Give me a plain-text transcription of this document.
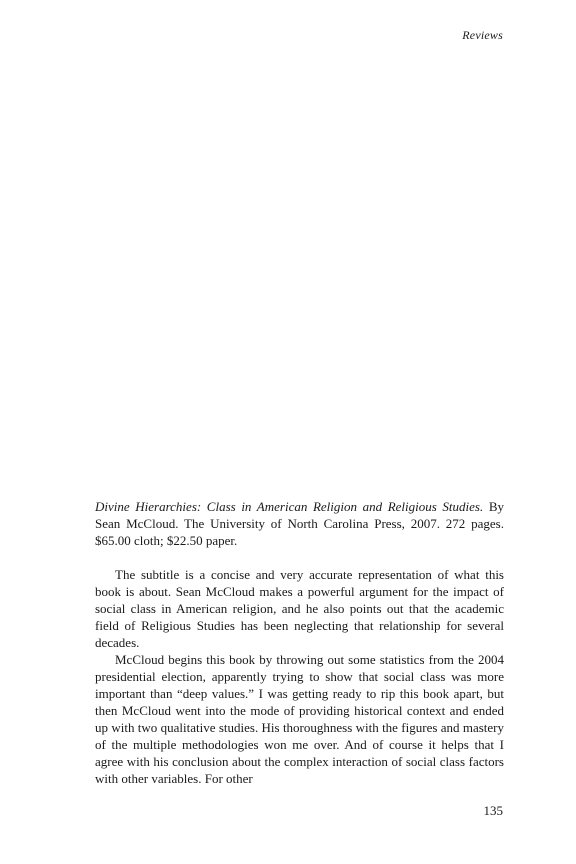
Reviews

Divine Hierarchies: Class in American Religion and Religious Studies. By Sean McCloud. The University of North Carolina Press, 2007. 272 pages. $65.00 cloth; $22.50 paper.

The subtitle is a concise and very accurate representation of what this book is about. Sean McCloud makes a powerful argument for the impact of social class in American religion, and he also points out that the academic field of Religious Studies has been neglecting that relationship for several decades.

McCloud begins this book by throwing out some statistics from the 2004 presidential election, apparently trying to show that social class was more important than “deep values.” I was getting ready to rip this book apart, but then McCloud went into the mode of providing historical context and ended up with two qualitative studies. His thoroughness with the figures and mastery of the multiple methodologies won me over. And of course it helps that I agree with his conclusion about the complex interaction of social class factors with other variables. For other

135
